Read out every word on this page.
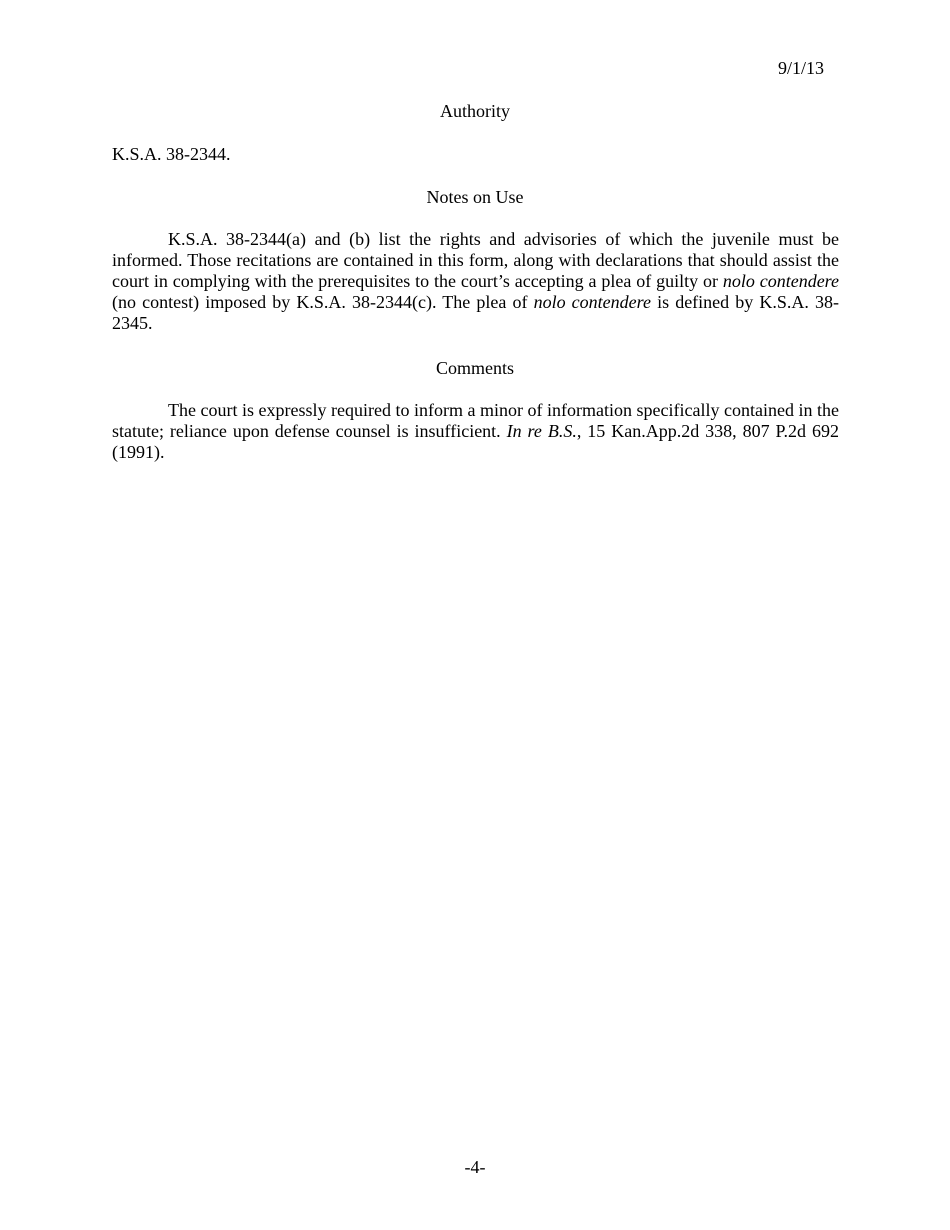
9/1/13
Authority

K.S.A. 38-2344.

Notes on Use

K.S.A. 38-2344(a) and (b) list the rights and advisories of which the juvenile must be informed. Those recitations are contained in this form, along with declarations that should assist the court in complying with the prerequisites to the court’s accepting a plea of guilty or nolo contendere (no contest) imposed by K.S.A. 38-2344(c). The plea of nolo contendere is defined by K.S.A. 38-2345.

Comments

The court is expressly required to inform a minor of information specifically contained in the statute; reliance upon defense counsel is insufficient. In re B.S., 15 Kan.App.2d 338, 807 P.2d 692 (1991).

-4-
